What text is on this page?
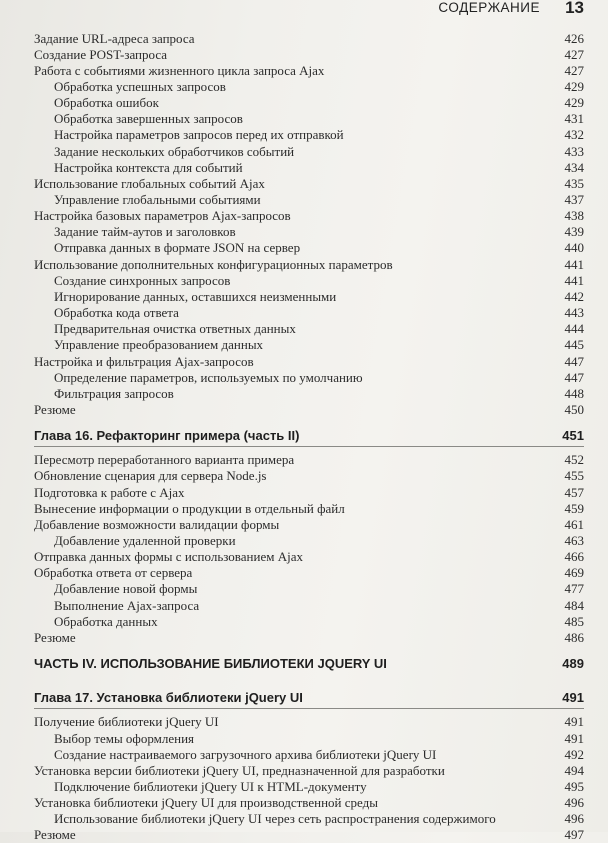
СОДЕРЖАНИЕ 13
Задание URL-адреса запроса	426
Создание POST-запроса	427
Работа с событиями жизненного цикла запроса Ajax	427
Обработка успешных запросов	429
Обработка ошибок	429
Обработка завершенных запросов	431
Настройка параметров запросов перед их отправкой	432
Задание нескольких обработчиков событий	433
Настройка контекста для событий	434
Использование глобальных событий Ajax	435
Управление глобальными событиями	437
Настройка базовых параметров Ajax-запросов	438
Задание тайм-аутов и заголовков	439
Отправка данных в формате JSON на сервер	440
Использование дополнительных конфигурационных параметров	441
Создание синхронных запросов	441
Игнорирование данных, оставшихся неизменными	442
Обработка кода ответа	443
Предварительная очистка ответных данных	444
Управление преобразованием данных	445
Настройка и фильтрация Ajax-запросов	447
Определение параметров, используемых по умолчанию	447
Фильтрация запросов	448
Резюме	450
Глава 16. Рефакторинг примера (часть II)	451
Пересмотр переработанного варианта примера	452
Обновление сценария для сервера Node.js	455
Подготовка к работе с Ajax	457
Вынесение информации о продукции в отдельный файл	459
Добавление возможности валидации формы	461
Добавление удаленной проверки	463
Отправка данных формы с использованием Ajax	466
Обработка ответа от сервера	469
Добавление новой формы	477
Выполнение Ajax-запроса	484
Обработка данных	485
Резюме	486
ЧАСТЬ IV. ИСПОЛЬЗОВАНИЕ БИБЛИОТЕКИ JQUERY UI	489
Глава 17. Установка библиотеки jQuery UI	491
Получение библиотеки jQuery UI	491
Выбор темы оформления	491
Создание настраиваемого загрузочного архива библиотеки jQuery UI	492
Установка версии библиотеки jQuery UI, предназначенной для разработки	494
Подключение библиотеки jQuery UI к HTML-документу	495
Установка библиотеки jQuery UI для производственной среды	496
Использование библиотеки jQuery UI через сеть распространения содержимого	496
Резюме	497
